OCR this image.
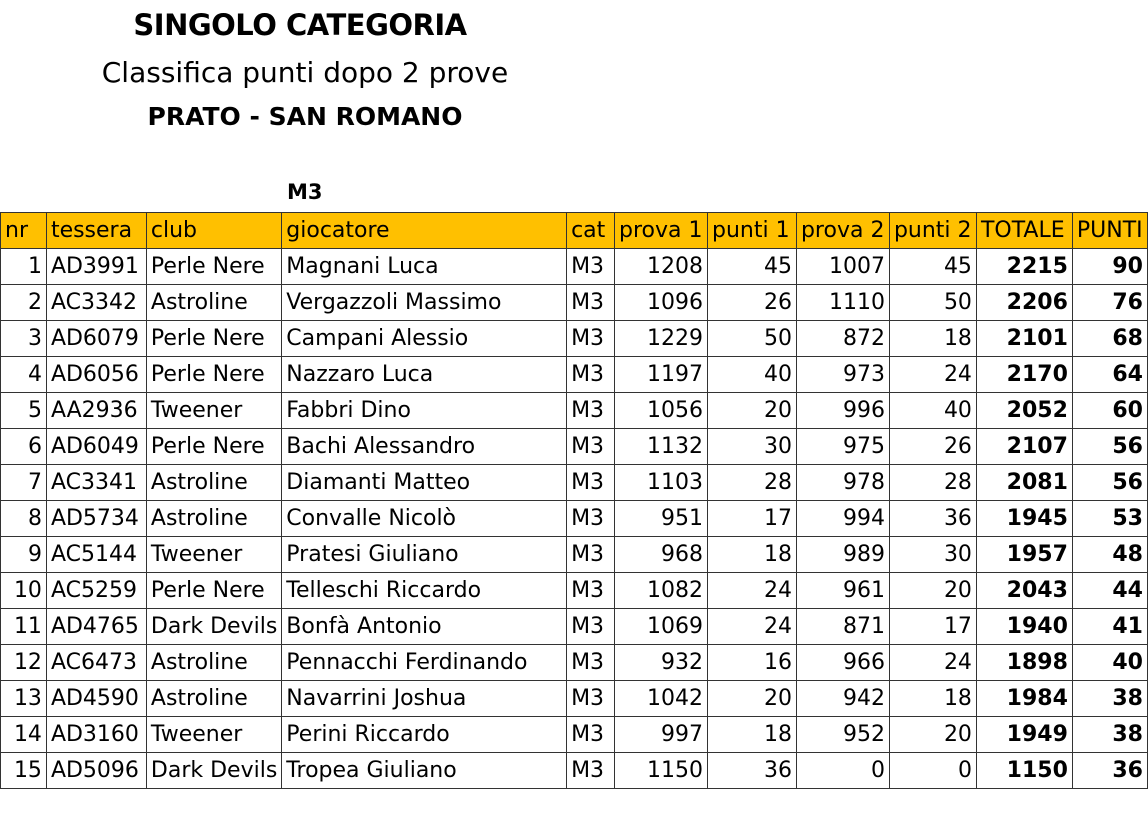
SINGOLO CATEGORIA
Classifica punti dopo 2 prove
PRATO - SAN ROMANO
M3
nr	tessera	club	giocatore	cat	prova 1	punti 1	prova 2	punti 2	TOTALE	PUNTI
1	AD3991	Perle Nere	Magnani Luca	M3	1208	45	1007	45	2215	90
2	AC3342	Astroline	Vergazzoli Massimo	M3	1096	26	1110	50	2206	76
3	AD6079	Perle Nere	Campani Alessio	M3	1229	50	872	18	2101	68
4	AD6056	Perle Nere	Nazzaro Luca	M3	1197	40	973	24	2170	64
5	AA2936	Tweener	Fabbri Dino	M3	1056	20	996	40	2052	60
6	AD6049	Perle Nere	Bachi Alessandro	M3	1132	30	975	26	2107	56
7	AC3341	Astroline	Diamanti Matteo	M3	1103	28	978	28	2081	56
8	AD5734	Astroline	Convalle Nicolò	M3	951	17	994	36	1945	53
9	AC5144	Tweener	Pratesi Giuliano	M3	968	18	989	30	1957	48
10	AC5259	Perle Nere	Telleschi Riccardo	M3	1082	24	961	20	2043	44
11	AD4765	Dark Devils	Bonfà Antonio	M3	1069	24	871	17	1940	41
12	AC6473	Astroline	Pennacchi Ferdinando	M3	932	16	966	24	1898	40
13	AD4590	Astroline	Navarrini Joshua	M3	1042	20	942	18	1984	38
14	AD3160	Tweener	Perini Riccardo	M3	997	18	952	20	1949	38
15	AD5096	Dark Devils	Tropea Giuliano	M3	1150	36	0	0	1150	36
